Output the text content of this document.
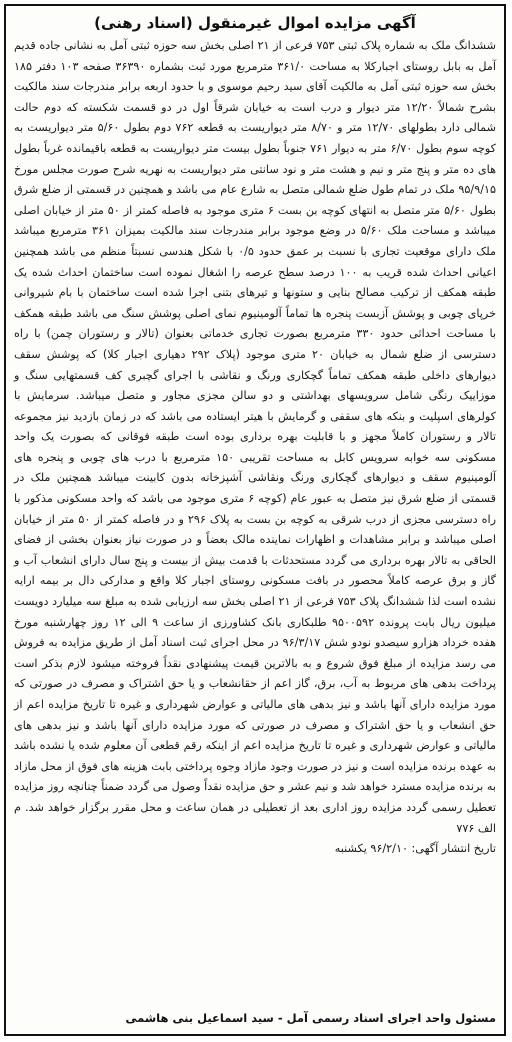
آگهی مزایده اموال غیرمنقول (اسناد رهنی)

ششدانگ ملک به شماره پلاک ثبتی ۷۵۳ فرعی از ۲۱ اصلی بخش سه حوزه ثبتی آمل به نشانی جاده قدیم آمل به بابل روستای اجبارکلا به مساحت ۳۶۱/۰ مترمربع مورد ثبت بشماره ۳۶۳۹۰ صفحه ۱۰۳ دفتر ۱۸۵ بخش سه حوزه ثبتی آمل به مالکیت آقای سید رحیم موسوی و با حدود اربعه برابر مندرجات سند مالکیت بشرح شمالاً ۱۲/۲۰ متر دیوار و درب است به خیابان شرقاً اول در دو قسمت شکسته که دوم حالت شمالی دارد بطولهای ۱۲/۷۰ متر و ۸/۷۰ متر دیواریست به قطعه ۷۶۲ دوم بطول ۵/۶۰ متر دیواریست به کوچه سوم بطول ۶/۷۰ متر به دیوار ۷۶۱ جنوباً بطول بیست متر دیواریست به قطعه باقیمانده غرباً بطول های ده متر و پنج متر و نیم و هشت متر و نود سانتی متر دیواریست به نهریه شرح صورت مجلس مورخ ۹۵/۹/۱۵ ملک در تمام طول ضلع شمالی متصل به شارع عام می باشد و همچنین در قسمتی از ضلع شرق بطول ۵/۶۰ متر متصل به انتهای کوچه بن بست ۶ متری موجود به فاصله کمتر از ۵۰ متر از خیابان اصلی میباشد و مساحت ملک ۵/۶۰ در وضع موجود برابر مندرجات سند مالکیت بمیزان ۳۶۱ مترمربع میباشد ملک دارای موقعیت تجاری با نسبت بر عمق حدود ۰/۵ با شکل هندسی نسبتاً منظم می باشد همچنین اعیانی احداث شده قریب به ۱۰۰ درصد سطح عرصه را اشغال نموده است ساختمان احداث شده یک طبقه همکف از ترکیب مصالح بنایی و ستونها و تیرهای بتنی اجرا شده است ساختمان با بام شیروانی خرپای چوبی و پوشش آزبست پنجره ها تماماً آلومینیوم نمای اصلی پوشش سنگ می باشد طبقه همکف با مساحت احداثی حدود ۳۳۰ مترمربع بصورت تجاری خدماتی بعنوان (تالار و رستوران چمن) با راه دسترسی از ضلع شمال به خیابان ۲۰ متری موجود (پلاک ۲۹۲ دهیاری اجبار کلا) که پوشش سقف دیوارهای داخلی طبقه همکف تماماً گچکاری ورنگ و نقاشی با اجرای گچبری کف قسمتهایی سنگ و موزاییک رنگی شامل سرویسهای بهداشتی و دو سالن مجزی مجاور و متصل میباشد. سرمایش با کولرهای اسپلیت و بنکه های سقفی و گرمایش با هیتر ایستاده می باشد که در زمان بازدید نیز مجموعه تالار و رستوران کاملاً مجهز و با قابلیت بهره برداری بوده است طبقه فوقانی که بصورت یک واحد مسکونی سه خوابه سرویس کابل به مساحت تقریبی ۱۵۰ مترمربع با درب های چوبی و پنجره های آلومینیوم سقف و دیوارهای گچکاری ورنگ ونقاشی آشپزخانه بدون کابینت میباشد همچنین ملک در قسمتی از ضلع شرق نیز متصل به عبور عام (کوچه ۶ متری موجود می باشد که واحد مسکونی مذکور با راه دسترسی مجزی از درب شرقی به کوچه بن بست به پلاک ۲۹۶ و در فاصله کمتر از ۵۰ متر از خیابان اصلی میباشد و برابر مشاهدات و اظهارات نماینده مالک بعضاً و در صورت نیاز بعنوان بخشی از فضای الحاقی به تالار بهره برداری می گردد مستحدثات با قدمت بیش از بیست و پنج سال دارای انشعاب آب و گاز و برق عرصه کاملاً محصور در بافت مسکونی روستای اجبار کلا واقع و مدارکی دال بر بیمه ارایه نشده است لذا ششدانگ پلاک ۷۵۳ فرعی از ۲۱ اصلی بخش سه ارزیابی شده به مبلغ سه میلیارد دویست میلیون ریال بابت پرونده ۹۵۰۰۵۹۲ طلبکاری بانک کشاورزی از ساعت ۹ الی ۱۲ روز چهارشنبه مورخ هفده خرداد هزارو سیصدو نودو شش ۹۶/۳/۱۷ در محل اجرای ثبت اسناد آمل از طریق مزایده به فروش می رسد مزایده از مبلغ فوق شروع و به بالاترین قیمت پیشنهادی نقداً فروخته میشود لازم بذکر است پرداخت بدهی های مربوط به آب، برق، گاز اعم از حقانشعاب و یا حق اشتراک و مصرف در صورتی که مورد مزایده دارای آنها باشد و نیز بدهی های مالیاتی و عوارض شهرداری و غیره تا تاریخ مزایده اعم از حق انشعاب و یا حق اشتراک و مصرف در صورتی که مورد مزایده دارای آنها باشد و نیز بدهی های مالیاتی و عوارض شهرداری و غیره تا تاریخ مزایده اعم از اینکه رقم قطعی آن معلوم شده یا نشده باشد به عهده برنده مزایده است و نیز در صورت وجود مازاد وجوه پرداختی بابت هزینه های فوق از محل مازاد به برنده مزایده مسترد خواهد شد و نیم عشر و حق مزایده نقداً وصول می گردد ضمناً چنانچه روز مزایده تعطیل رسمی گردد مزایده روز اداری بعد از تعطیلی در همان ساعت و محل مقرر برگزار خواهد شد. م الف ۷۷۶

تاریخ انتشار آگهی: ۹۶/۲/۱۰ یکشنبه
مسئول واحد اجرای اسناد رسمی آمل - سید اسماعیل بنی هاشمی
